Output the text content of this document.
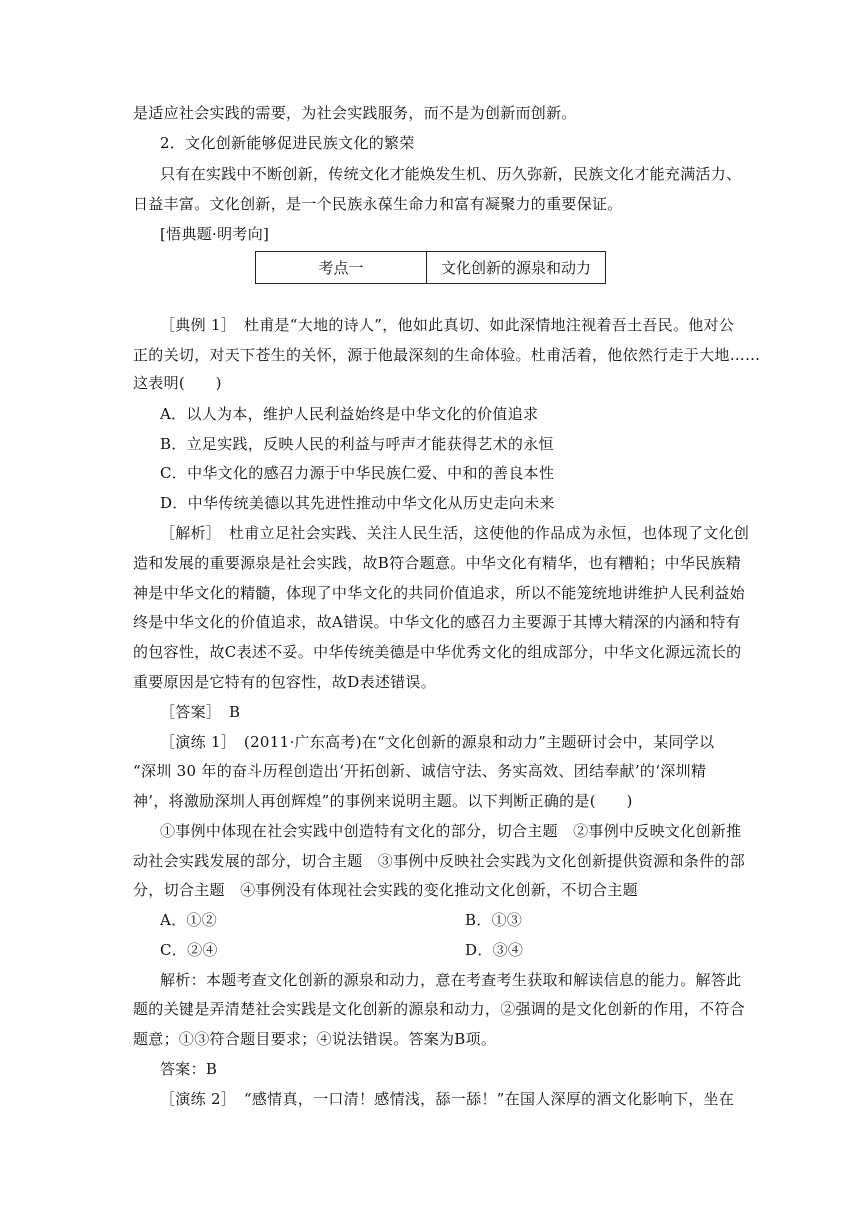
是适应社会实践的需要，为社会实践服务，而不是为创新而创新。
2．文化创新能够促进民族文化的繁荣
只有在实践中不断创新，传统文化才能焕发生机、历久弥新，民族文化才能充满活力、
日益丰富。文化创新，是一个民族永葆生命力和富有凝聚力的重要保证。
[悟典题·明考向]
考点一	文化创新的源泉和动力
［典例 1］　杜甫是“大地的诗人”，他如此真切、如此深情地注视着吾土吾民。他对公
正的关切，对天下苍生的关怀，源于他最深刻的生命体验。杜甫活着，他依然行走于大地……
这表明(　　)
A．以人为本，维护人民利益始终是中华文化的价值追求
B．立足实践，反映人民的利益与呼声才能获得艺术的永恒
C．中华文化的感召力源于中华民族仁爱、中和的善良本性
D．中华传统美德以其先进性推动中华文化从历史走向未来
［解析］　杜甫立足社会实践、关注人民生活，这使他的作品成为永恒，也体现了文化创
造和发展的重要源泉是社会实践，故B符合题意。中华文化有精华，也有糟粕；中华民族精
神是中华文化的精髓，体现了中华文化的共同价值追求，所以不能笼统地讲维护人民利益始
终是中华文化的价值追求，故A错误。中华文化的感召力主要源于其博大精深的内涵和特有
的包容性，故C表述不妥。中华传统美德是中华优秀文化的组成部分，中华文化源远流长的
重要原因是它特有的包容性，故D表述错误。
［答案］　B
［演练 1］　(2011·广东高考)在“文化创新的源泉和动力”主题研讨会中，某同学以
“深圳 30 年的奋斗历程创造出‘开拓创新、诚信守法、务实高效、团结奉献’的‘深圳精
神’，将激励深圳人再创辉煌”的事例来说明主题。以下判断正确的是(　　)
①事例中体现在社会实践中创造特有文化的部分，切合主题　②事例中反映文化创新推
动社会实践发展的部分，切合主题　③事例中反映社会实践为文化创新提供资源和条件的部
分，切合主题　④事例没有体现社会实践的变化推动文化创新，不切合主题
A．①②	B．①③
C．②④	D．③④
解析：本题考查文化创新的源泉和动力，意在考查考生获取和解读信息的能力。解答此
题的关键是弄清楚社会实践是文化创新的源泉和动力，②强调的是文化创新的作用，不符合
题意；①③符合题目要求；④说法错误。答案为B项。
答案：B
［演练 2］　“感情真，一口清！感情浅，舔一舔！”在国人深厚的酒文化影响下，坐在
